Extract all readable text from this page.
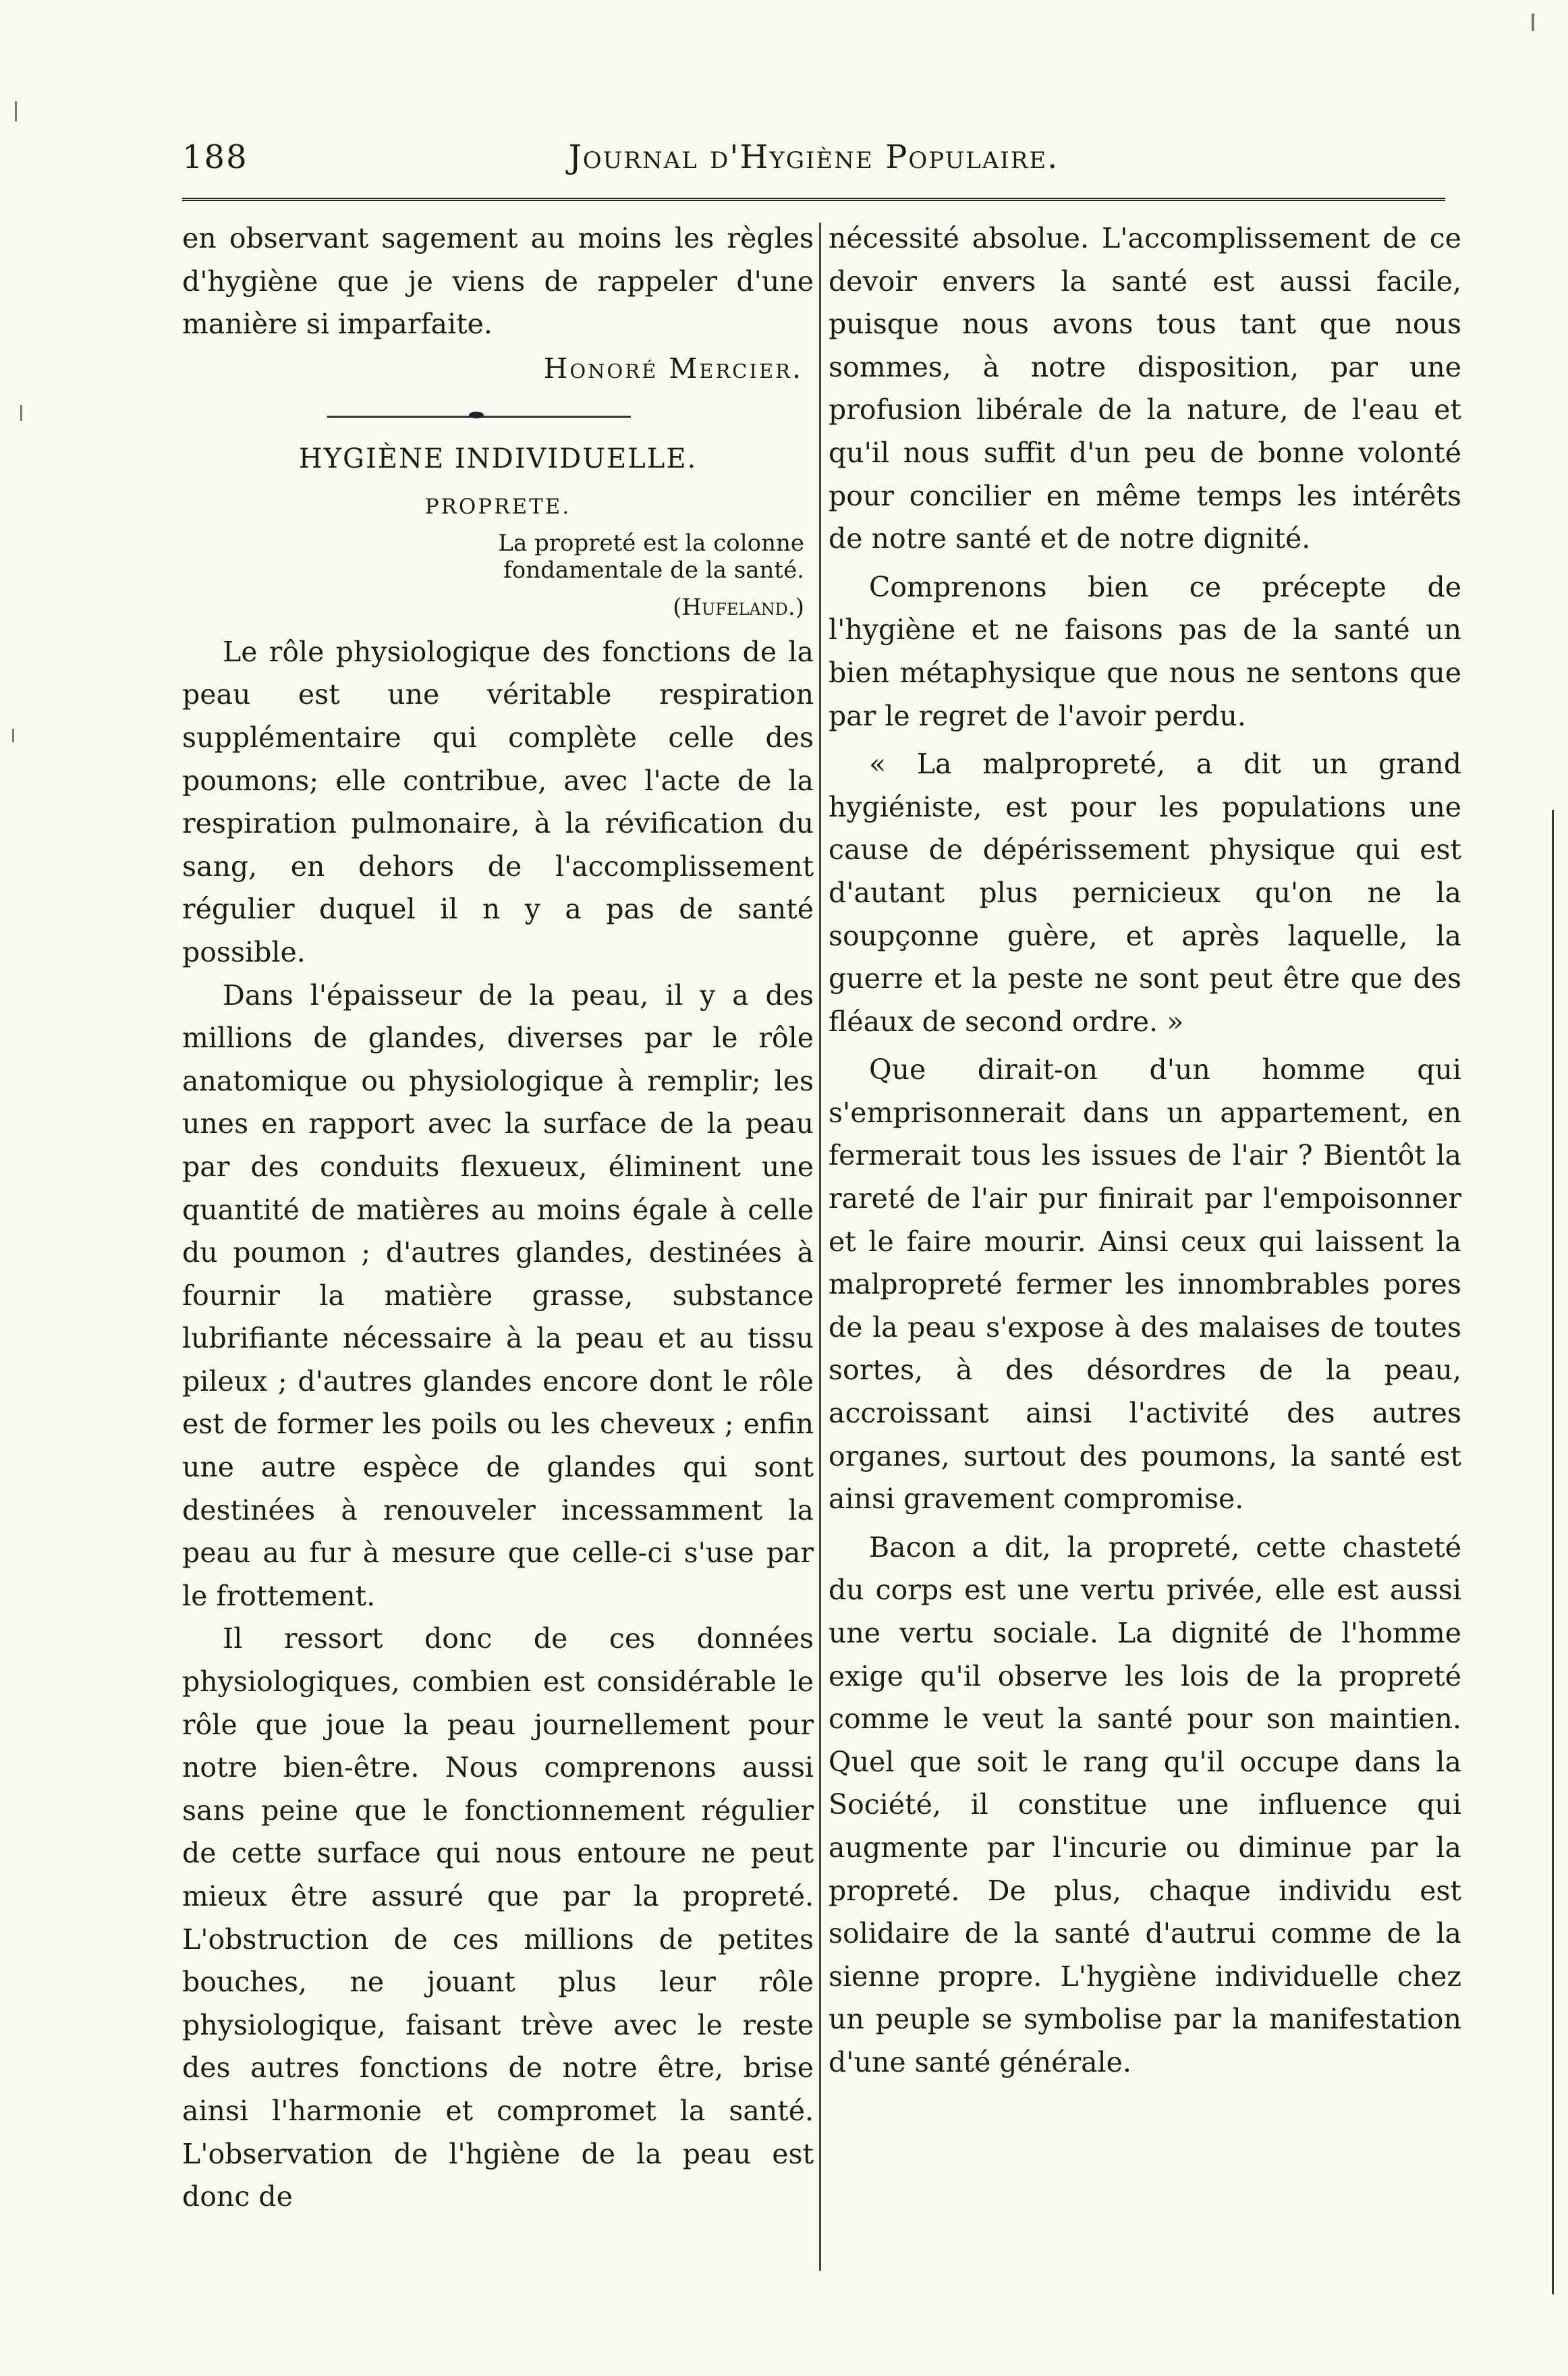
188	Journal d'Hygiène Populaire.

en observant sagement au moins les règles d'hygiène que je viens de rappeler d'une manière si imparfaite.

Honoré Mercier.

HYGIÈNE INDIVIDUELLE.

PROPRETE.

La propreté est la colonne

fondamentale de la santé.

(Hufeland.)

Le rôle physiologique des fonctions de la peau est une véritable respiration supplémentaire qui complète celle des poumons; elle contribue, avec l'acte de la respiration pulmonaire, à la révification du sang, en dehors de l'accomplissement régulier duquel il n y a pas de santé possible.

Dans l'épaisseur de la peau, il y a des millions de glandes, diverses par le rôle anatomique ou physiologique à remplir; les unes en rapport avec la surface de la peau par des conduits flexueux, éliminent une quantité de matières au moins égale à celle du poumon ; d'autres glandes, destinées à fournir la matière grasse, substance lubrifiante nécessaire à la peau et au tissu pileux ; d'autres glandes encore dont le rôle est de former les poils ou les cheveux ; enfin une autre espèce de glandes qui sont destinées à renouveler incessamment la peau au fur à mesure que celle-ci s'use par le frottement.

Il ressort donc de ces données physiologiques, combien est considérable le rôle que joue la peau journellement pour notre bien-être. Nous comprenons aussi sans peine que le fonctionnement régulier de cette surface qui nous entoure ne peut mieux être assuré que par la propreté. L'obstruction de ces millions de petites bouches, ne jouant plus leur rôle physiologique, faisant trève avec le reste des autres fonctions de notre être, brise ainsi l'harmonie et compromet la santé. L'observation de l'hgiène de la peau est donc de

nécessité absolue. L'accomplissement de ce devoir envers la santé est aussi facile, puisque nous avons tous tant que nous sommes, à notre disposition, par une profusion libérale de la nature, de l'eau et qu'il nous suffit d'un peu de bonne volonté pour concilier en même temps les intérêts de notre santé et de notre dignité.

Comprenons bien ce précepte de l'hygiène et ne faisons pas de la santé un bien métaphysique que nous ne sentons que par le regret de l'avoir perdu.

« La malpropreté, a dit un grand hygiéniste, est pour les populations une cause de dépérissement physique qui est d'autant plus pernicieux qu'on ne la soupçonne guère, et après laquelle, la guerre et la peste ne sont peut être que des fléaux de second ordre. »

Que dirait-on d'un homme qui s'emprisonnerait dans un appartement, en fermerait tous les issues de l'air ? Bientôt la rareté de l'air pur finirait par l'empoisonner et le faire mourir. Ainsi ceux qui laissent la malpropreté fermer les innombrables pores de la peau s'expose à des malaises de toutes sortes, à des désordres de la peau, accroissant ainsi l'activité des autres organes, surtout des poumons, la santé est ainsi gravement compromise.

Bacon a dit, la propreté, cette chasteté du corps est une vertu privée, elle est aussi une vertu sociale. La dignité de l'homme exige qu'il observe les lois de la propreté comme le veut la santé pour son maintien. Quel que soit le rang qu'il occupe dans la Société, il constitue une influence qui augmente par l'incurie ou diminue par la propreté. De plus, chaque individu est solidaire de la santé d'autrui comme de la sienne propre. L'hygiène individuelle chez un peuple se symbolise par la manifestation d'une santé générale.
